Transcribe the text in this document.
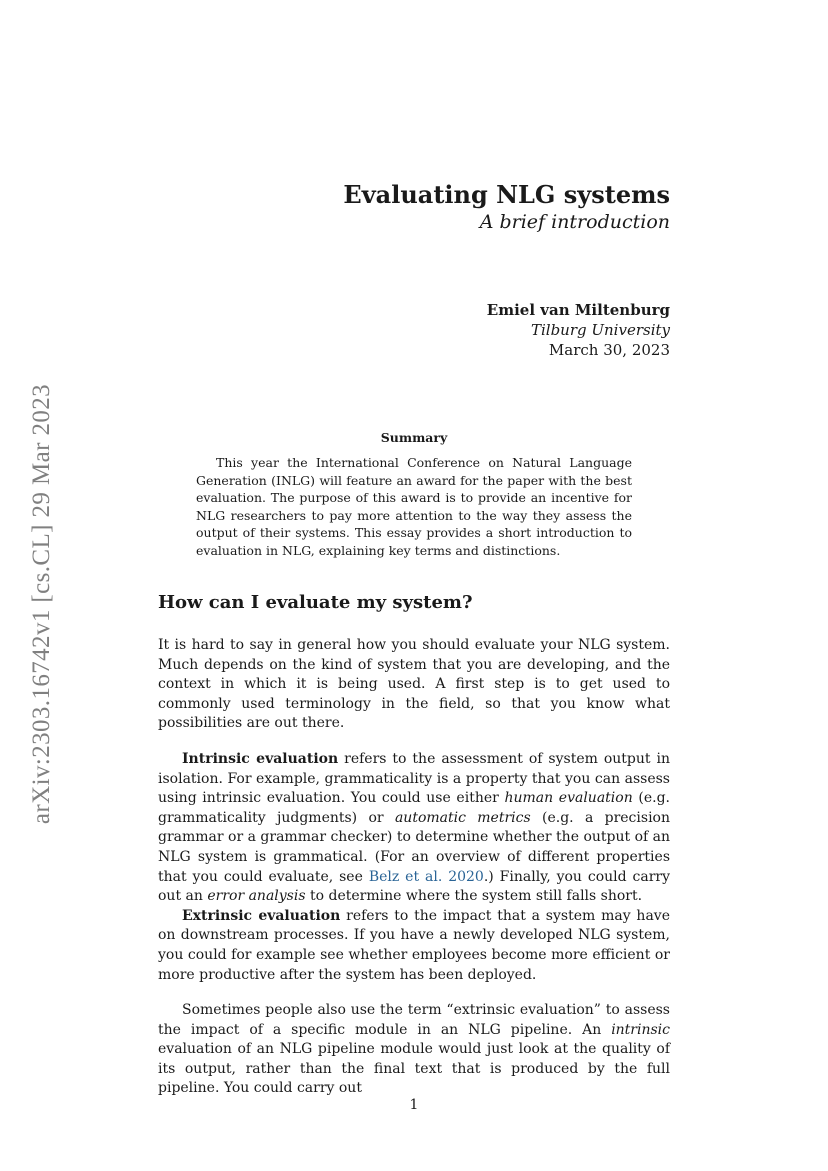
arXiv:2303.16742v1 [cs.CL] 29 Mar 2023
Evaluating NLG systems
A brief introduction
Emiel van Miltenburg
Tilburg University
March 30, 2023
Summary

This year the International Conference on Natural Language Generation (INLG) will feature an award for the paper with the best evaluation. The purpose of this award is to provide an incentive for NLG researchers to pay more attention to the way they assess the output of their systems. This essay provides a short introduction to evaluation in NLG, explaining key terms and distinctions.

How can I evaluate my system?

It is hard to say in general how you should evaluate your NLG system. Much depends on the kind of system that you are developing, and the context in which it is being used. A first step is to get used to commonly used terminology in the field, so that you know what possibilities are out there.

Intrinsic evaluation refers to the assessment of system output in isolation. For example, grammaticality is a property that you can assess using intrinsic evaluation. You could use either human evaluation (e.g. grammaticality judgments) or automatic metrics (e.g. a precision grammar or a grammar checker) to determine whether the output of an NLG system is grammatical. (For an overview of different properties that you could evaluate, see Belz et al. 2020.) Finally, you could carry out an error analysis to determine where the system still falls short.

Extrinsic evaluation refers to the impact that a system may have on downstream processes. If you have a newly developed NLG system, you could for example see whether employees become more efficient or more productive after the system has been deployed.

Sometimes people also use the term “extrinsic evaluation” to assess the impact of a specific module in an NLG pipeline. An intrinsic evaluation of an NLG pipeline module would just look at the quality of its output, rather than the final text that is produced by the full pipeline. You could carry out

1
